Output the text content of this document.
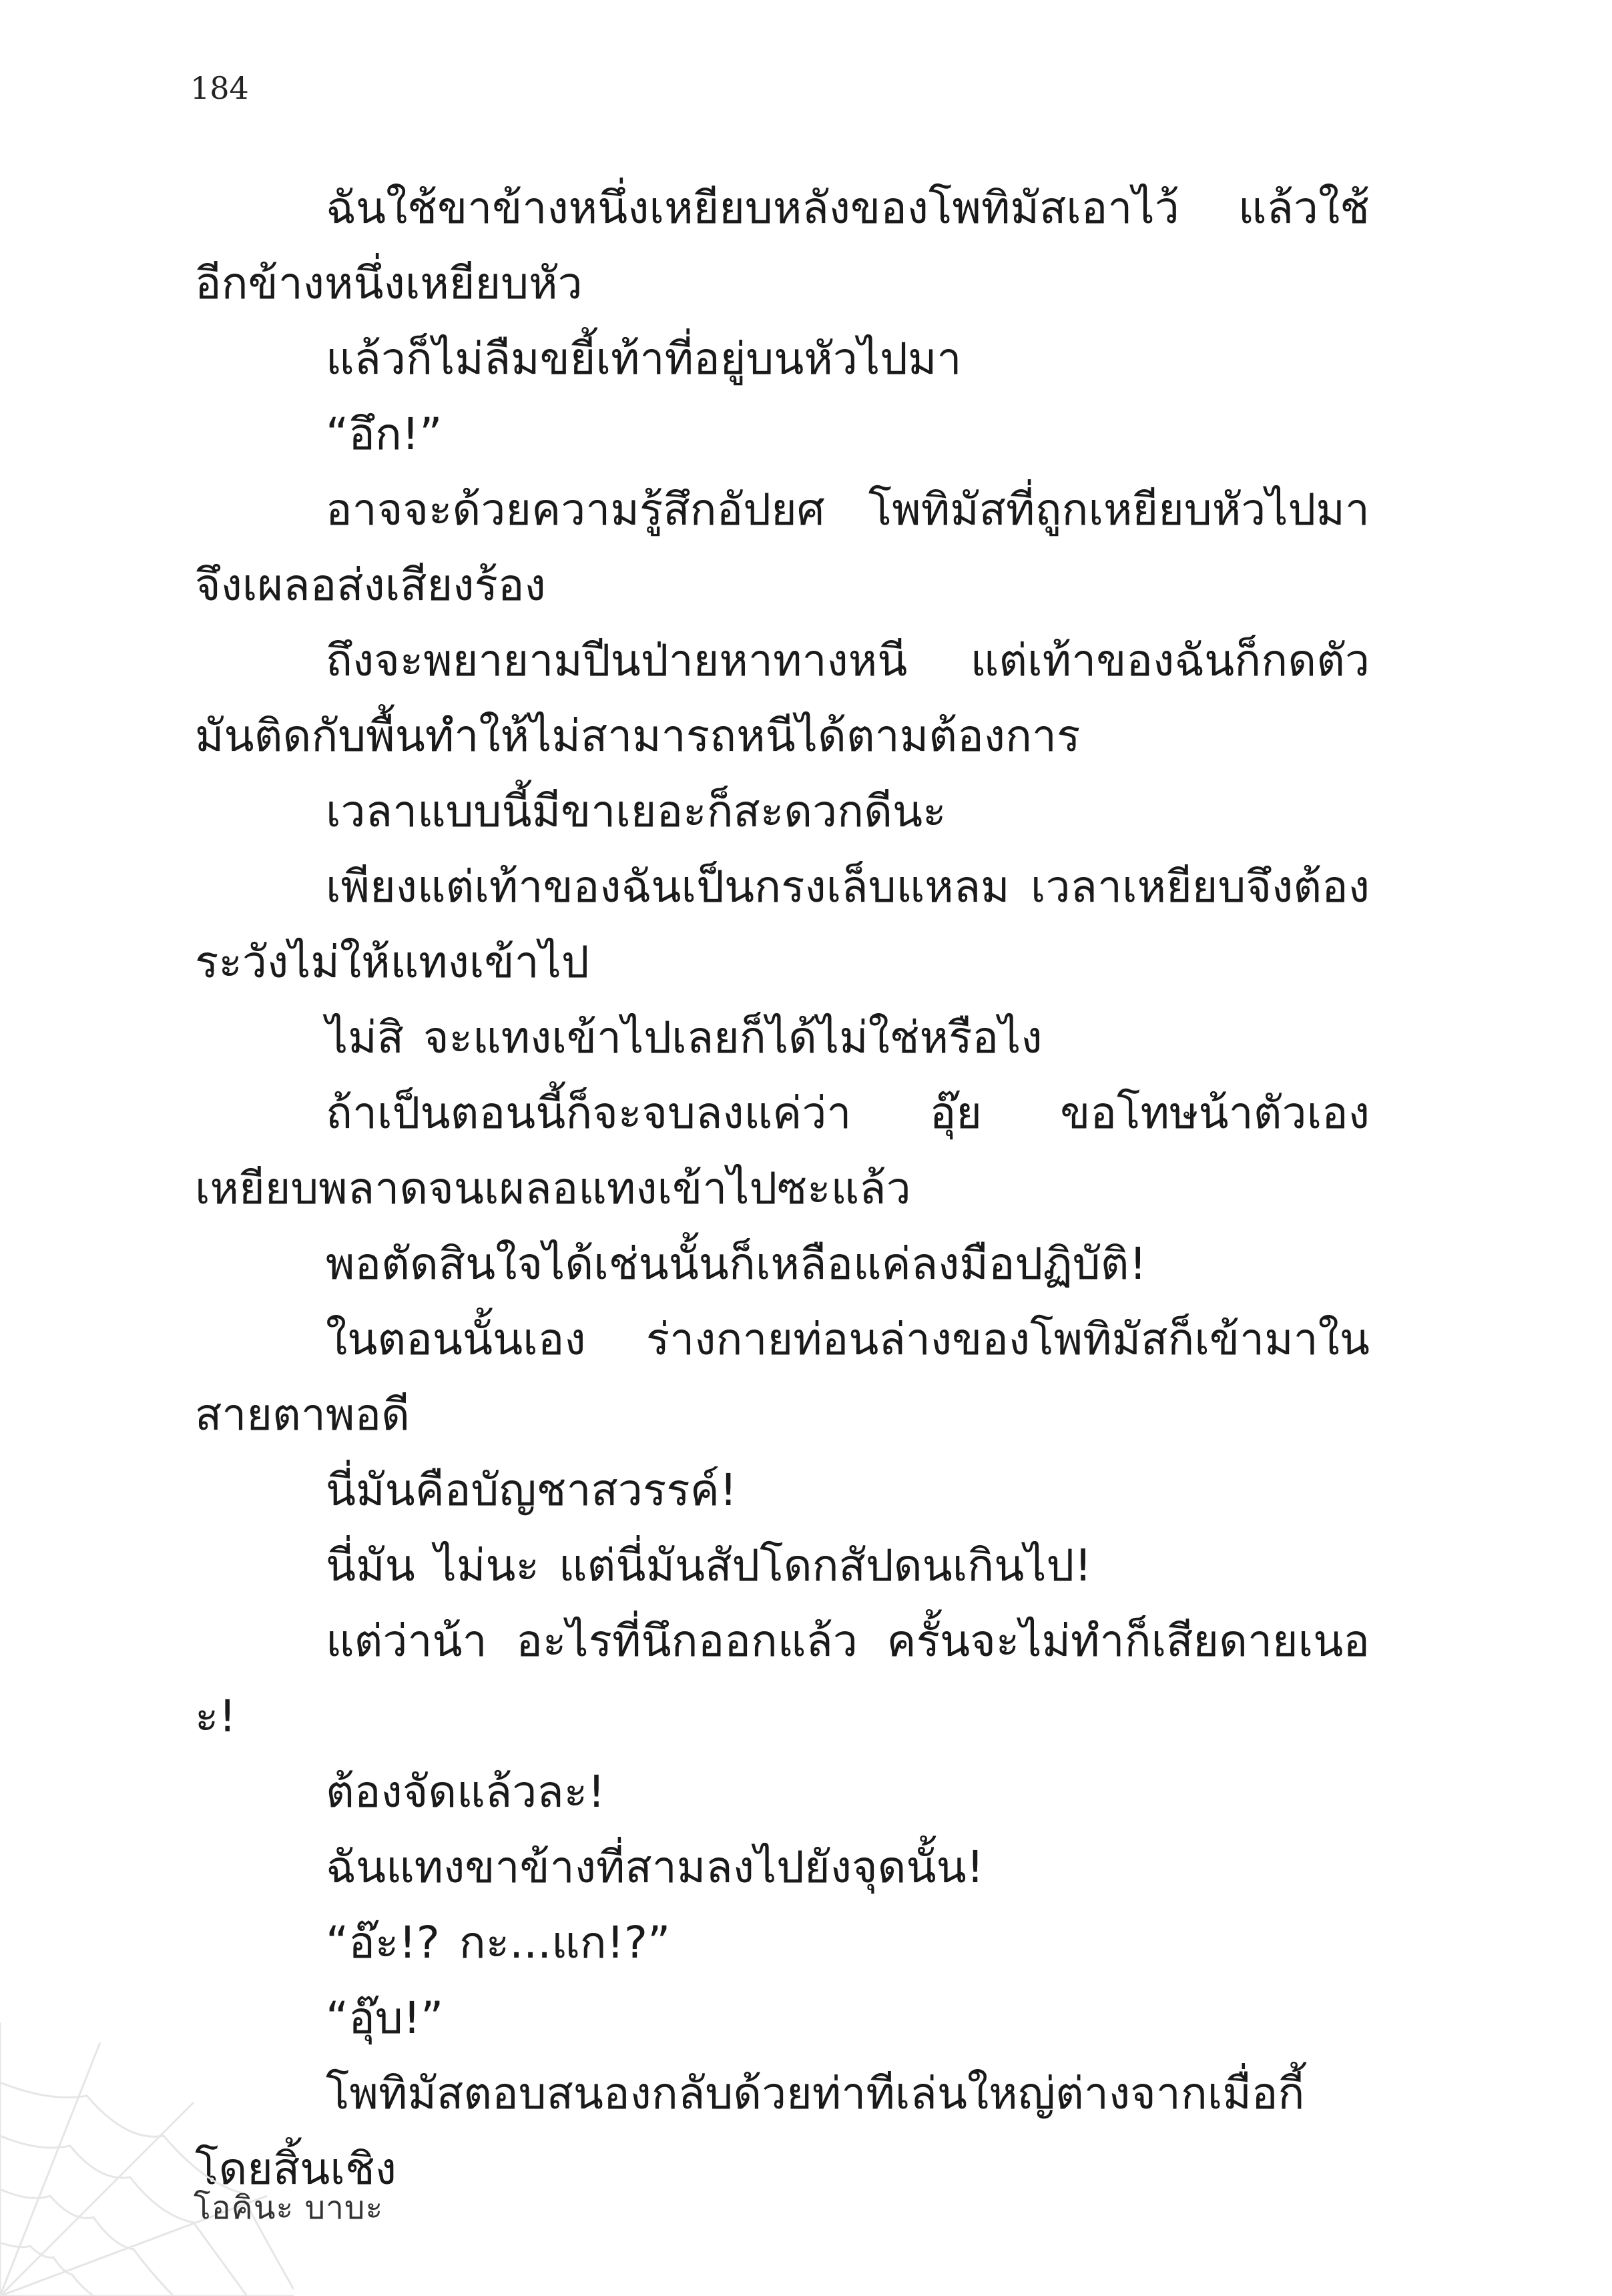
184

ฉันใช้ขาข้างหนึ่งเหยียบหลังของโพทิมัสเอาไว้ แล้วใช้อีกข้างหนึ่งเหยียบหัว

แล้วก็ไม่ลืมขยี้เท้าที่อยู่บนหัวไปมา

“อึก!”

อาจจะด้วยความรู้สึกอัปยศ โพทิมัสที่ถูกเหยียบหัวไปมาจึงเผลอส่งเสียงร้อง

ถึงจะพยายามปีนป่ายหาทางหนี แต่เท้าของฉันก็กดตัวมันติดกับพื้นทำให้ไม่สามารถหนีได้ตามต้องการ

เวลาแบบนี้มีขาเยอะก็สะดวกดีนะ

เพียงแต่เท้าของฉันเป็นกรงเล็บแหลม เวลาเหยียบจึงต้องระวังไม่ให้แทงเข้าไป

ไม่สิ จะแทงเข้าไปเลยก็ได้ไม่ใช่หรือไง

ถ้าเป็นตอนนี้ก็จะจบลงแค่ว่า อุ๊ย ขอโทษน้าตัวเอง เหยียบพลาดจนเผลอแทงเข้าไปซะแล้ว

พอตัดสินใจได้เช่นนั้นก็เหลือแค่ลงมือปฏิบัติ!

ในตอนนั้นเอง ร่างกายท่อนล่างของโพทิมัสก็เข้ามาในสายตาพอดี

นี่มันคือบัญชาสวรรค์!

นี่มัน ไม่นะ แต่นี่มันสัปโดกสัปดนเกินไป!

แต่ว่าน้า อะไรที่นึกออกแล้ว ครั้นจะไม่ทำก็เสียดายเนอะ!

ต้องจัดแล้วละ!

ฉันแทงขาข้างที่สามลงไปยังจุดนั้น!

“อ๊ะ!? กะ...แก!?”

“อุ๊บ!”

โพทิมัสตอบสนองกลับด้วยท่าทีเล่นใหญ่ต่างจากเมื่อกี้โดยสิ้นเชิง

โอคินะ บาบะ
